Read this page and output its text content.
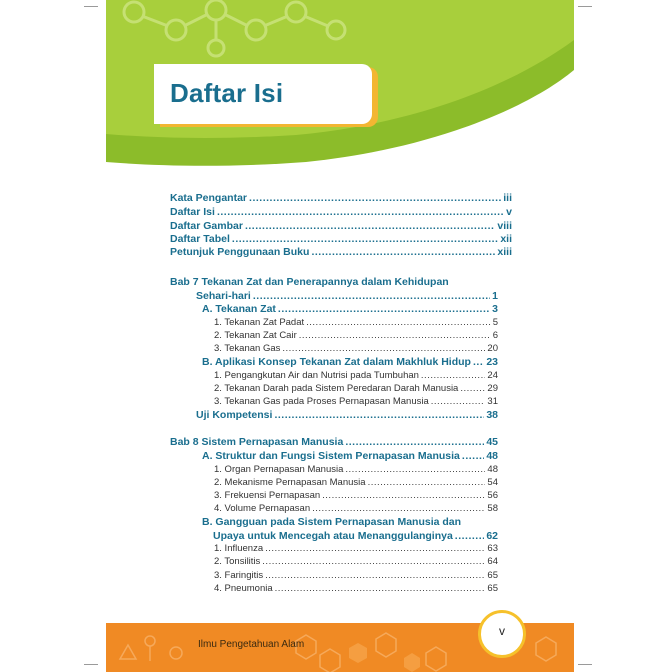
Daftar Isi
Kata Pengantar .....	iii
Daftar Isi .....	v
Daftar Gambar .....	viii
Daftar Tabel .....	xii
Petunjuk Penggunaan Buku .....	xiii
Bab 7 Tekanan Zat dan Penerapannya dalam Kehidupan
Sehari-hari .....	1
A. Tekanan Zat .....	3
1. Tekanan Zat Padat .....	5
2. Tekanan Zat Cair .....	6
3. Tekanan Gas .....	20
B. Aplikasi Konsep Tekanan Zat dalam Makhluk Hidup ..... 23
1. Pengangkutan Air dan Nutrisi pada Tumbuhan .....	24
2. Tekanan Darah pada Sistem Peredaran Darah Manusia .....	29
3. Tekanan Gas pada Proses Pernapasan Manusia .....	31
Uji Kompetensi .....	38
Bab 8 Sistem Pernapasan Manusia .....	45
A. Struktur dan Fungsi Sistem Pernapasan Manusia .....	48
1. Organ Pernapasan Manusia .....	48
2. Mekanisme Pernapasan Manusia .....	54
3. Frekuensi Pernapasan .....	56
4. Volume Pernapasan .....	58
B. Gangguan pada Sistem Pernapasan Manusia dan
Upaya untuk Mencegah atau Menanggulanginya .....	62
1. Influenza .....	63
2. Tonsilitis .....	64
3. Faringitis .....	65
4. Pneumonia .....	65
Ilmu Pengetahuan Alam
v
